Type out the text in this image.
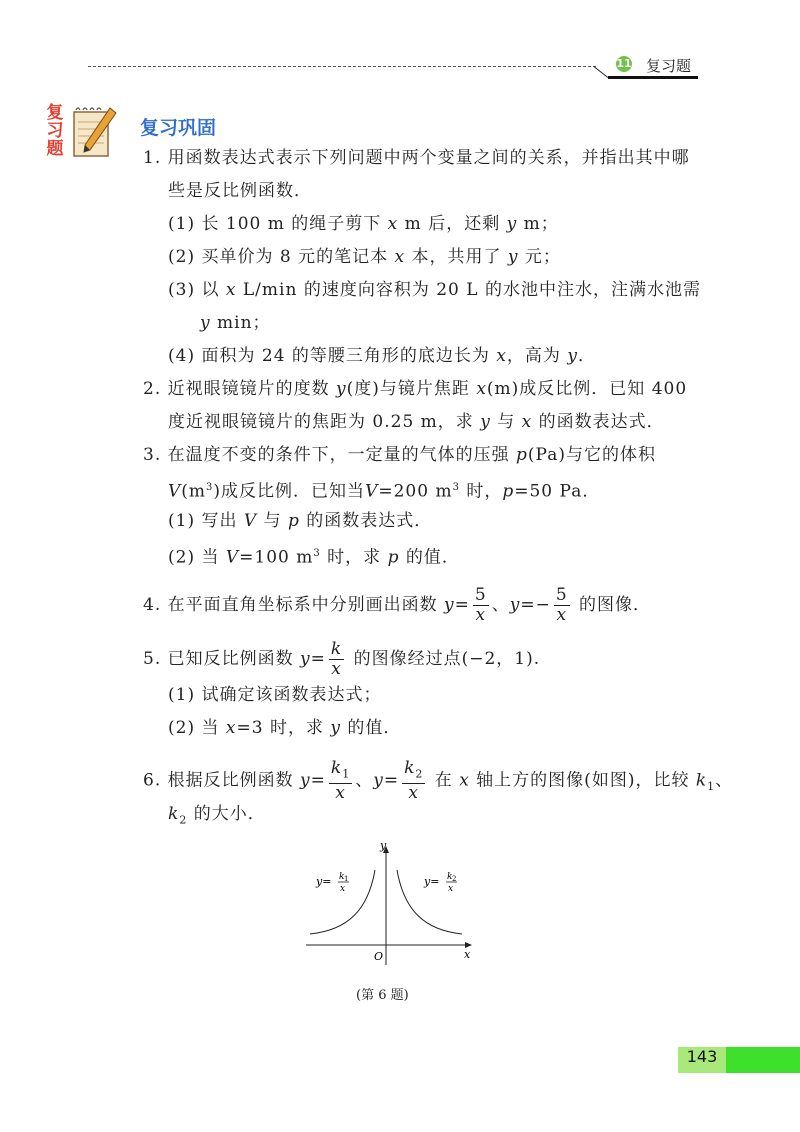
11 复习题
复习题
复习巩固
1. 用函数表达式表示下列问题中两个变量之间的关系，并指出其中哪
些是反比例函数．
(1) 长 100 m 的绳子剪下 x m 后，还剩 y m；
(2) 买单价为 8 元的笔记本 x 本，共用了 y 元；
(3) 以 x L/min 的速度向容积为 20 L 的水池中注水，注满水池需
y min；
(4) 面积为 24 的等腰三角形的底边长为 x，高为 y．
2. 近视眼镜镜片的度数 y(度)与镜片焦距 x(m)成反比例．已知 400
度近视眼镜镜片的焦距为 0.25 m，求 y 与 x 的函数表达式．
3. 在温度不变的条件下，一定量的气体的压强 p(Pa)与它的体积
$V(m^3)$成反比例．已知当V=200 $m^3$ 时，p=50 Pa．
(1) 写出 V 与 p 的函数表达式．
(2) 当 V=100 $m^3$ 时，求 p 的值．
4. 在平面直角坐标系中分别画出函数 $y= \frac{5}{x}$ 、$y=- \frac{5}{x}$ 的图像．
5. 已知反比例函数 $y= \frac{k}{x}$ 的图像经过点(−2，1).
(1) 试确定该函数表达式；
(2) 当 x=3 时，求 y 的值．
6. 根据反比例函数 $y= \frac{k_1}{x}$ 、$y= \frac{k_2}{x}$ 在 x 轴上方的图像(如图)，比较 $k_1$、
$k_2$ 的大小．
y
x
O
y= k 1
x
y= k 2
x
(第 6 题)
143
